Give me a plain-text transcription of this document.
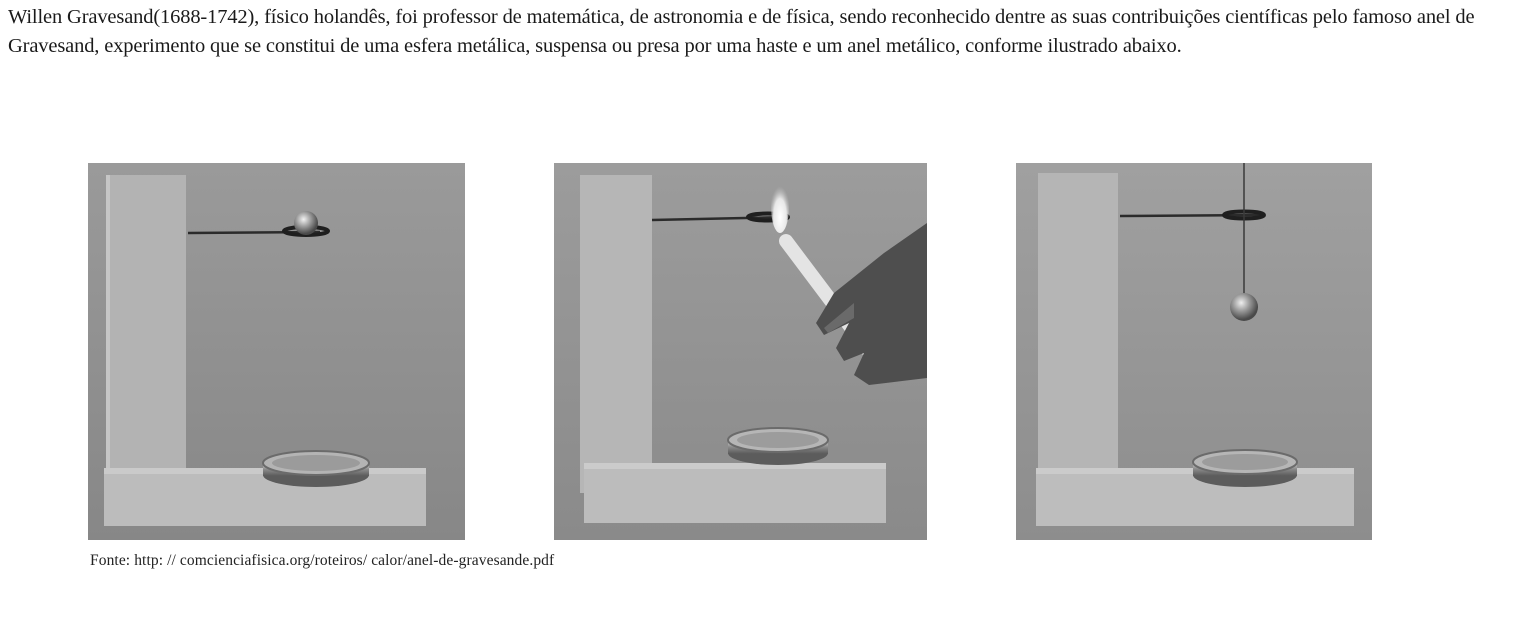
Willen Gravesand(1688-1742), físico holandês, foi professor de matemática, de astronomia e de física, sendo reconhecido dentre as suas contribuições científicas pelo famoso anel de Gravesand, experimento que se constitui de uma esfera metálica, suspensa ou presa por uma haste e um anel metálico, conforme ilustrado abaixo.

Fonte: http: // comcienciafisica.org/roteiros/ calor/anel-de-gravesande.pdf
